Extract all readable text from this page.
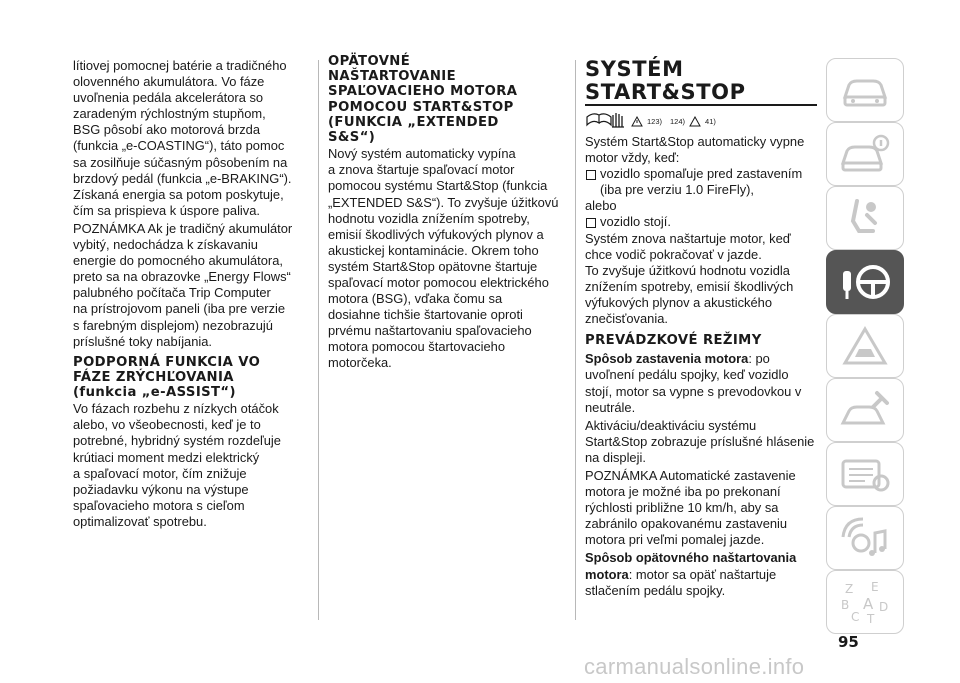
lítiovej pomocnej batérie a tradičného
olovenného akumulátora. Vo fáze
uvoľnenia pedála akcelerátora so
zaradeným rýchlostným stupňom,
BSG pôsobí ako motorová brzda
(funkcia „e-COASTING“), táto pomoc
sa zosilňuje súčasným pôsobením na
brzdový pedál (funkcia „e-BRAKING“).
Získaná energia sa potom poskytuje,
čím sa prispieva k úspore paliva.

POZNÁMKA Ak je tradičný akumulátor
vybitý, nedochádza k získavaniu
energie do pomocného akumulátora,
preto sa na obrazovke „Energy Flows“
palubného počítača Trip Computer
na prístrojovom paneli (iba pre verzie
s farebným displejom) nezobrazujú
príslušné toky nabíjania.

PODPORNÁ FUNKCIA VO
FÁZE ZRÝCHĽOVANIA
(funkcia „e-ASSIST“)

Vo fázach rozbehu z nízkych otáčok
alebo, vo všeobecnosti, keď je to
potrebné, hybridný systém rozdeľuje
krútiaci moment medzi elektrický
a spaľovací motor, čím znižuje
požiadavku výkonu na výstupe
spaľovacieho motora s cieľom
optimalizovať spotrebu.

OPÄTOVNÉ
NAŠTARTOVANIE
SPAĽOVACIEHO MOTORA
POMOCOU START&STOP
(FUNKCIA „EXTENDED
S&S“)

Nový systém automaticky vypína
a znova štartuje spaľovací motor
pomocou systému Start&Stop (funkcia
„EXTENDED S&S“). To zvyšuje úžitkovú
hodnotu vozidla znížením spotreby,
emisií škodlivých výfukových plynov a
akustickej kontaminácie. Okrem toho
systém Start&Stop opätovne štartuje
spaľovací motor pomocou elektrického
motora (BSG), vďaka čomu sa
dosiahne tichšie štartovanie oproti
prvému naštartovaniu spaľovacieho
motora pomocou štartovacieho
motorčeka.

SYSTÉM
START&STOP
123) 124)	41)

Systém Start&Stop automaticky vypne
motor vždy, keď:

vozidlo spomaľuje pred zastavením
(iba pre verziu 1.0 FireFly),

alebo

vozidlo stojí.

Systém znova naštartuje motor, keď
chce vodič pokračovať v jazde.

To zvyšuje úžitkovú hodnotu vozidla
znížením spotreby, emisií škodlivých
výfukových plynov a akustického
znečisťovania.

PREVÁDZKOVÉ REŽIMY

Spôsob zastavenia motora: po
uvoľnení pedálu spojky, keď vozidlo
stojí, motor sa vypne s prevodovkou v
neutrále.

Aktiváciu/deaktiváciu systému
Start&Stop zobrazuje príslušné hlásenie
na displeji.

POZNÁMKA Automatické zastavenie
motora je možné iba po prekonaní
rýchlosti približne 10 km/h, aby sa
zabránilo opakovanému zastaveniu
motora pri veľmi pomalej jazde.

Spôsob opätovného naštartovania
motora: motor sa opäť naštartuje
stlačením pedálu spojky.	Z E
B A
C
D
T
95
carmanualsonline.info
